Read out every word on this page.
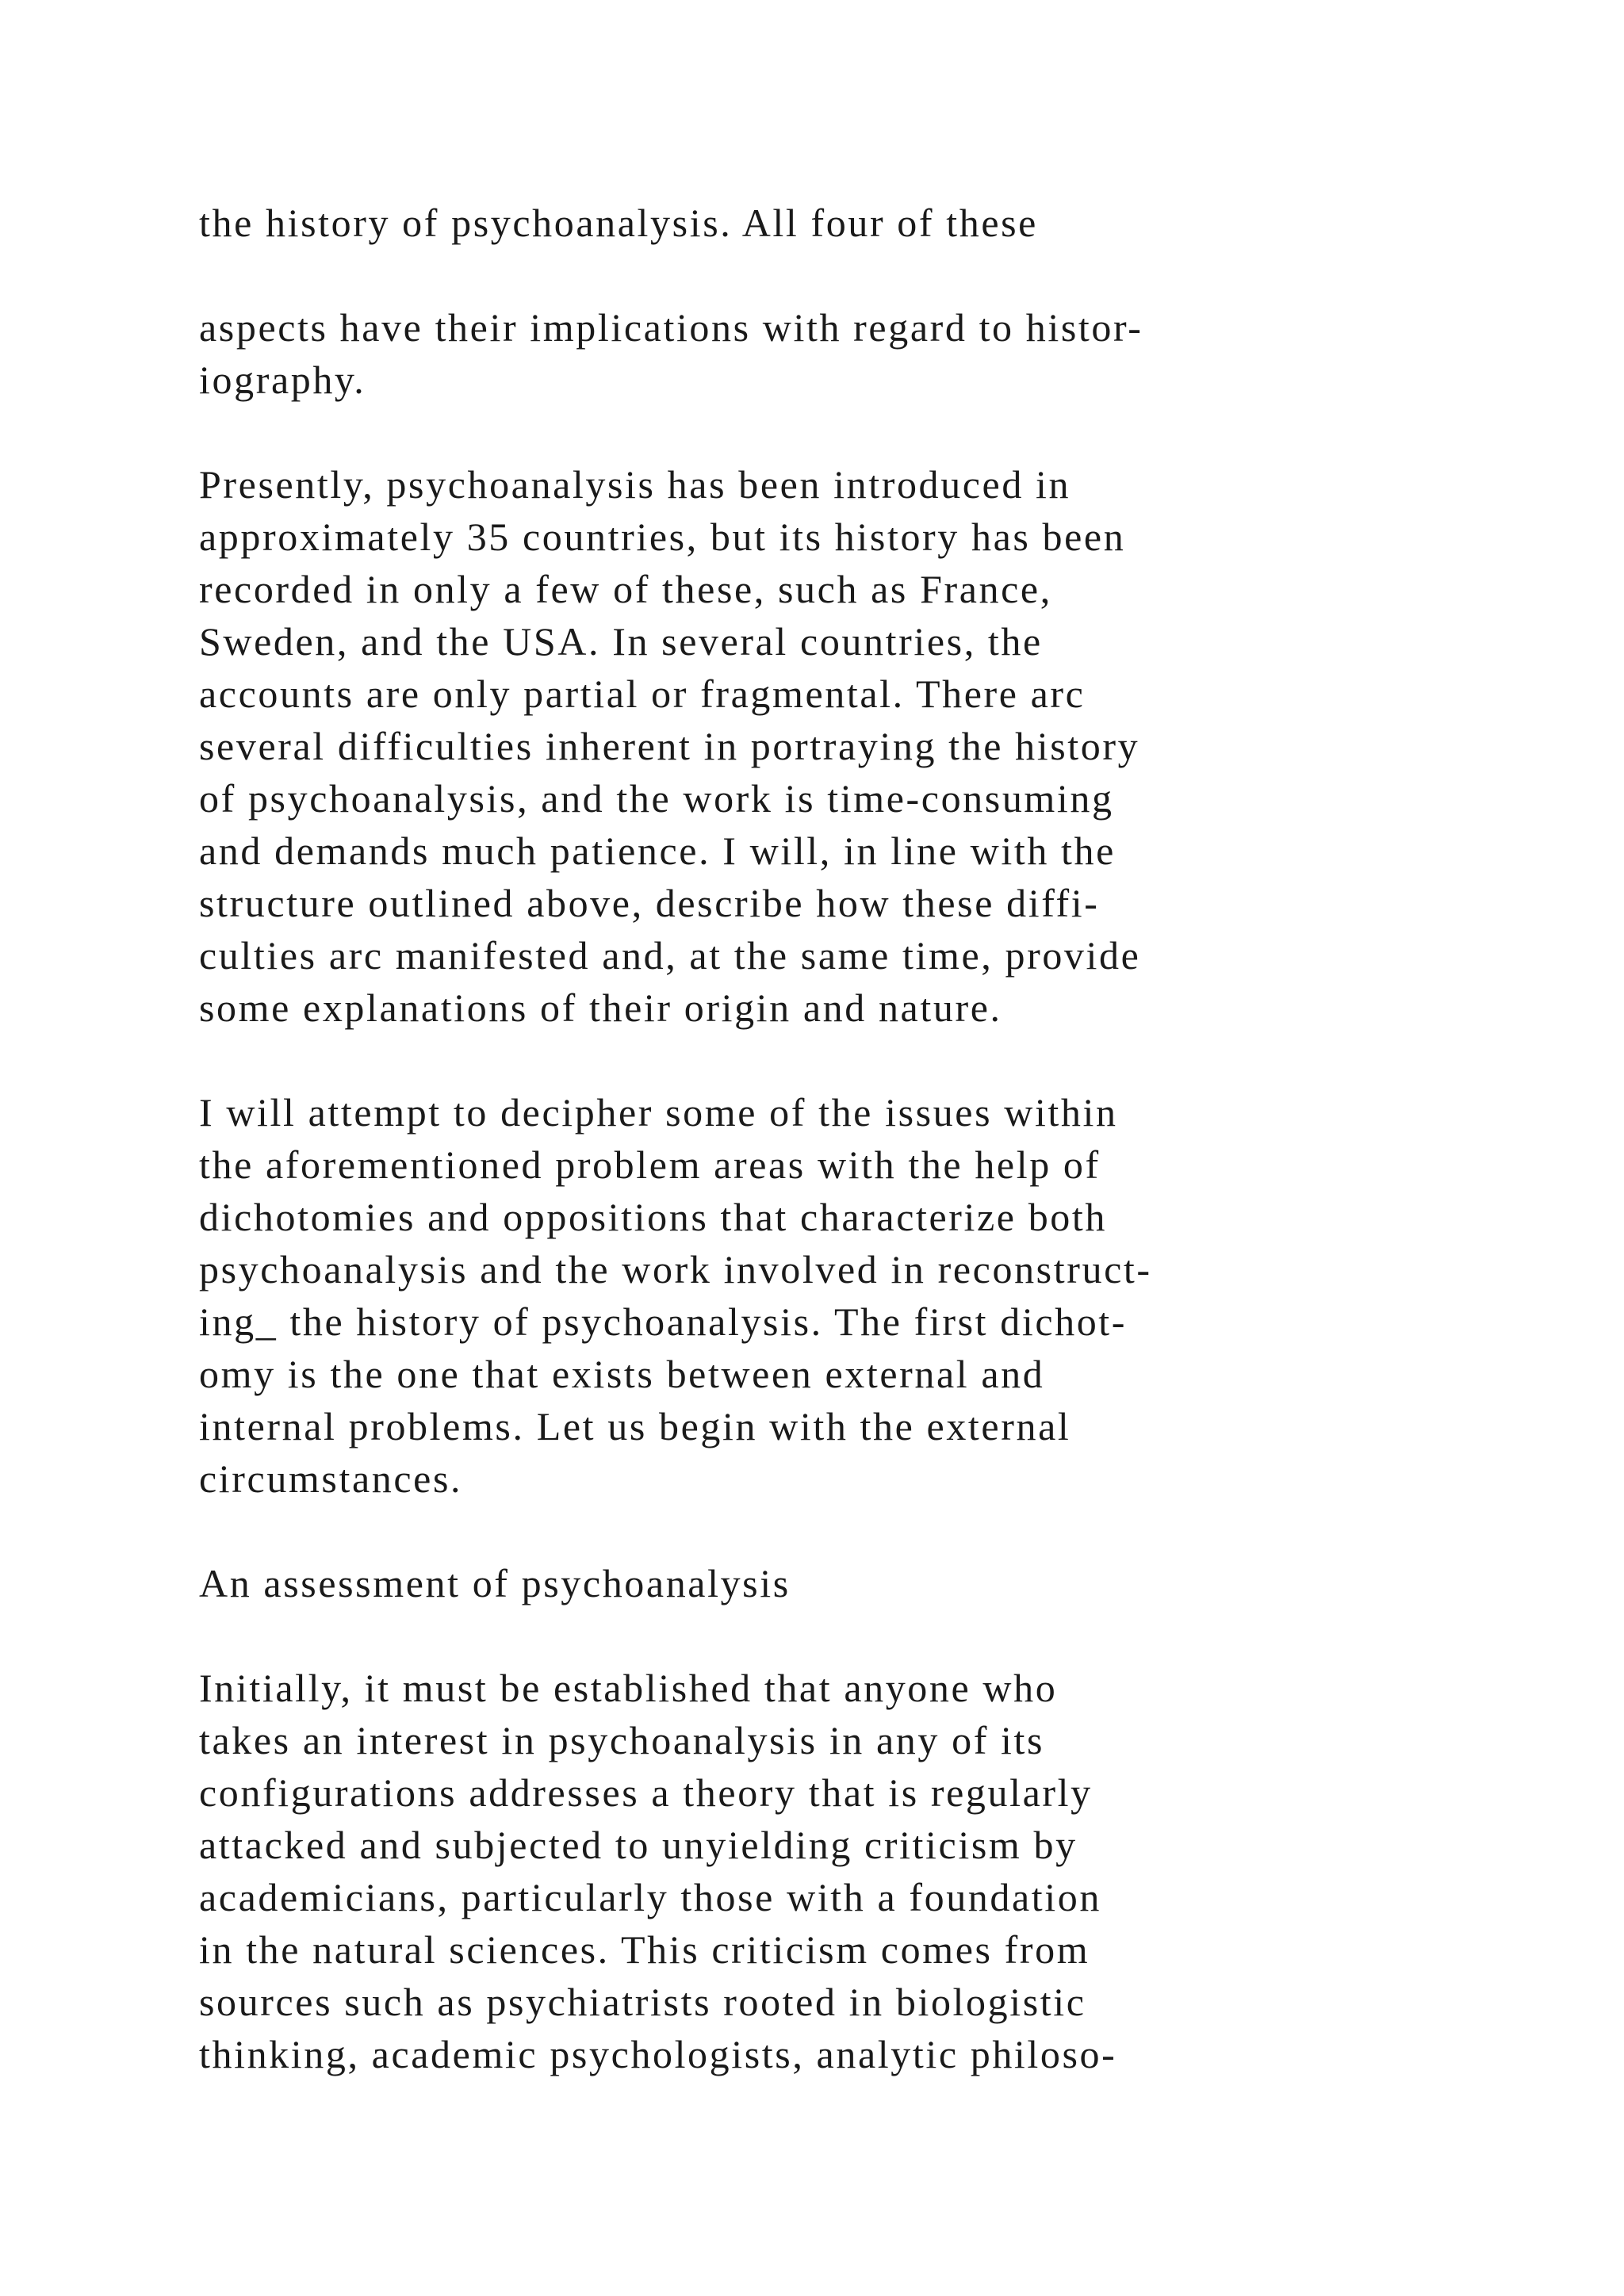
the history of psychoanalysis. All four of these
aspects have their implications with regard to histor-
iography.
Presently, psychoanalysis has been introduced in
approximately 35 countries, but its history has been
recorded in only a few of these, such as France,
Sweden, and the USA. In several countries, the
accounts are only partial or fragmental. There arc
several difficulties inherent in portraying the history
of psychoanalysis, and the work is time-consuming
and demands much patience. I will, in line with the
structure outlined above, describe how these diffi-
culties arc manifested and, at the same time, provide
some explanations of their origin and nature.
I will attempt to decipher some of the issues within
the aforementioned problem areas with the help of
dichotomies and oppositions that characterize both
psychoanalysis and the work involved in reconstruct-
ing_ the history of psychoanalysis. The first dichot-
omy is the one that exists between external and
internal problems. Let us begin with the external
circumstances.
An assessment of psychoanalysis
Initially, it must be established that anyone who
takes an interest in psychoanalysis in any of its
configurations addresses a theory that is regularly
attacked and subjected to unyielding criticism by
academicians, particularly those with a foundation
in the natural sciences. This criticism comes from
sources such as psychiatrists rooted in biologistic
thinking, academic psychologists, analytic philoso-
